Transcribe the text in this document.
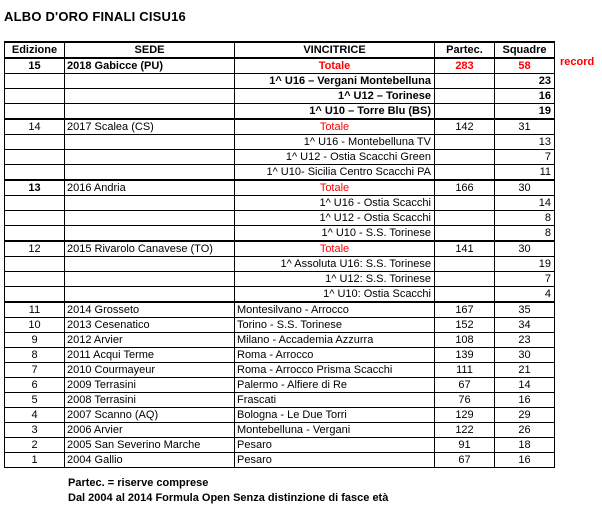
ALBO D'ORO FINALI CISU16
Edizione	SEDE	VINCITRICE	Partec.	Squadre
15	2018 Gabicce (PU)	Totale	283	58
		1^ U16 – Vergani Montebelluna		23
		1^ U12 – Torinese		16
		1^ U10 – Torre Blu (BS)		19
14	2017 Scalea (CS)	Totale	142	31
		1^ U16 - Montebelluna TV		13
		1^ U12 - Ostia Scacchi Green		7
		1^ U10- Sicilia Centro Scacchi PA		11
13	2016 Andria	Totale	166	30
		1^ U16 - Ostia Scacchi		14
		1^ U12 - Ostia Scacchi		8
		1^ U10 - S.S. Torinese		8
12	2015 Rivarolo Canavese (TO)	Totale	141	30
		1^ Assoluta U16: S.S. Torinese		19
		1^ U12: S.S. Torinese		7
		1^ U10: Ostia Scacchi		4
11	2014 Grosseto	Montesilvano - Arrocco	167	35
10	2013 Cesenatico	Torino - S.S. Torinese	152	34
9	2012 Arvier	Milano - Accademia Azzurra	108	23
8	2011 Acqui Terme	Roma - Arrocco	139	30
7	2010 Courmayeur	Roma - Arrocco Prisma Scacchi	111	21
6	2009 Terrasini	Palermo - Alfiere di Re	67	14
5	2008 Terrasini	Frascati	76	16
4	2007 Scanno (AQ)	Bologna - Le Due Torri	129	29
3	2006 Arvier	Montebelluna - Vergani	122	26
2	2005 San Severino Marche	Pesaro	91	18
1	2004 Gallio	Pesaro	67	16
record
Partec. = riserve comprese
Dal 2004 al 2014 Formula Open Senza distinzione di fasce età
